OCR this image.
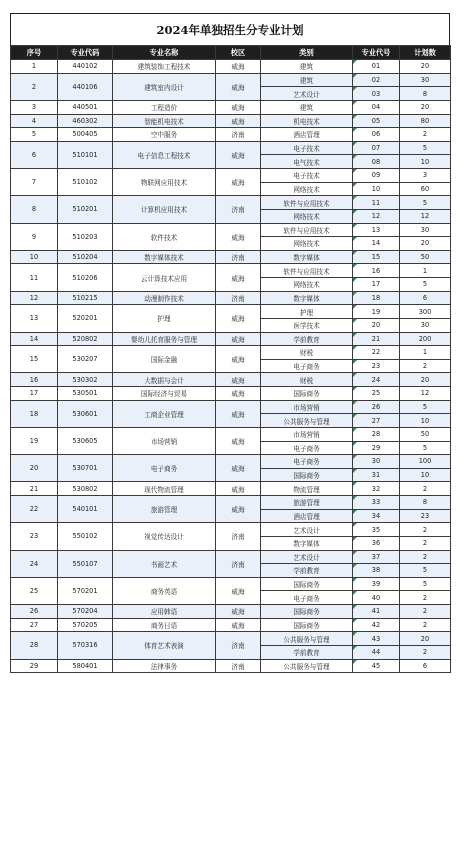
2024年单独招生分专业计划
序号	专业代码	专业名称	校区	类别	专业代号	计划数
1	440102	建筑装饰工程技术	威海	建筑	01	20
2	440106	建筑室内设计	威海	建筑	02	30
				艺术设计	03	8
3	440501	工程造价	威海	建筑	04	20
4	460302	智能机电技术	威海	机电技术	05	80
5	500405	空中服务	济南	酒店管理	06	2
6	510101	电子信息工程技术	威海	电子技术	07	5
				电气技术	08	10
7	510102	物联网应用技术	威海	电子技术	09	3
				网络技术	10	60
8	510201	计算机应用技术	济南	软件与应用技术	11	5
				网络技术	12	12
9	510203	软件技术	威海	软件与应用技术	13	30
				网络技术	14	20
10	510204	数字媒体技术	济南	数字媒体	15	50
11	510206	云计算技术应用	威海	软件与应用技术	16	1
				网络技术	17	5
12	510215	动漫制作技术	济南	数字媒体	18	6
13	520201	护理	威海	护理	19	300
				医学技术	20	30
14	520802	婴幼儿托育服务与管理	威海	学前教育	21	200
15	530207	国际金融	威海	财税	22	1
				电子商务	23	2
16	530302	大数据与会计	威海	财税	24	20
17	530501	国际经济与贸易	威海	国际商务	25	12
18	530601	工商企业管理	威海	市场营销	26	5
				公共服务与管理	27	10
19	530605	市场营销	威海	市场营销	28	50
				电子商务	29	5
20	530701	电子商务	威海	电子商务	30	100
				国际商务	31	10
21	530802	现代物流管理	威海	物流管理	32	2
22	540101	旅游管理	威海	旅游管理	33	8
				酒店管理	34	23
23	550102	视觉传达设计	济南	艺术设计	35	2
				数字媒体	36	2
24	550107	书画艺术	济南	艺术设计	37	2
				学前教育	38	5
25	570201	商务英语	威海	国际商务	39	5
				电子商务	40	2
26	570204	应用韩语	威海	国际商务	41	2
27	570205	商务日语	威海	国际商务	42	2
28	570316	体育艺术表演	济南	公共服务与管理	43	20
				学前教育	44	2
29	580401	法律事务	济南	公共服务与管理	45	6
